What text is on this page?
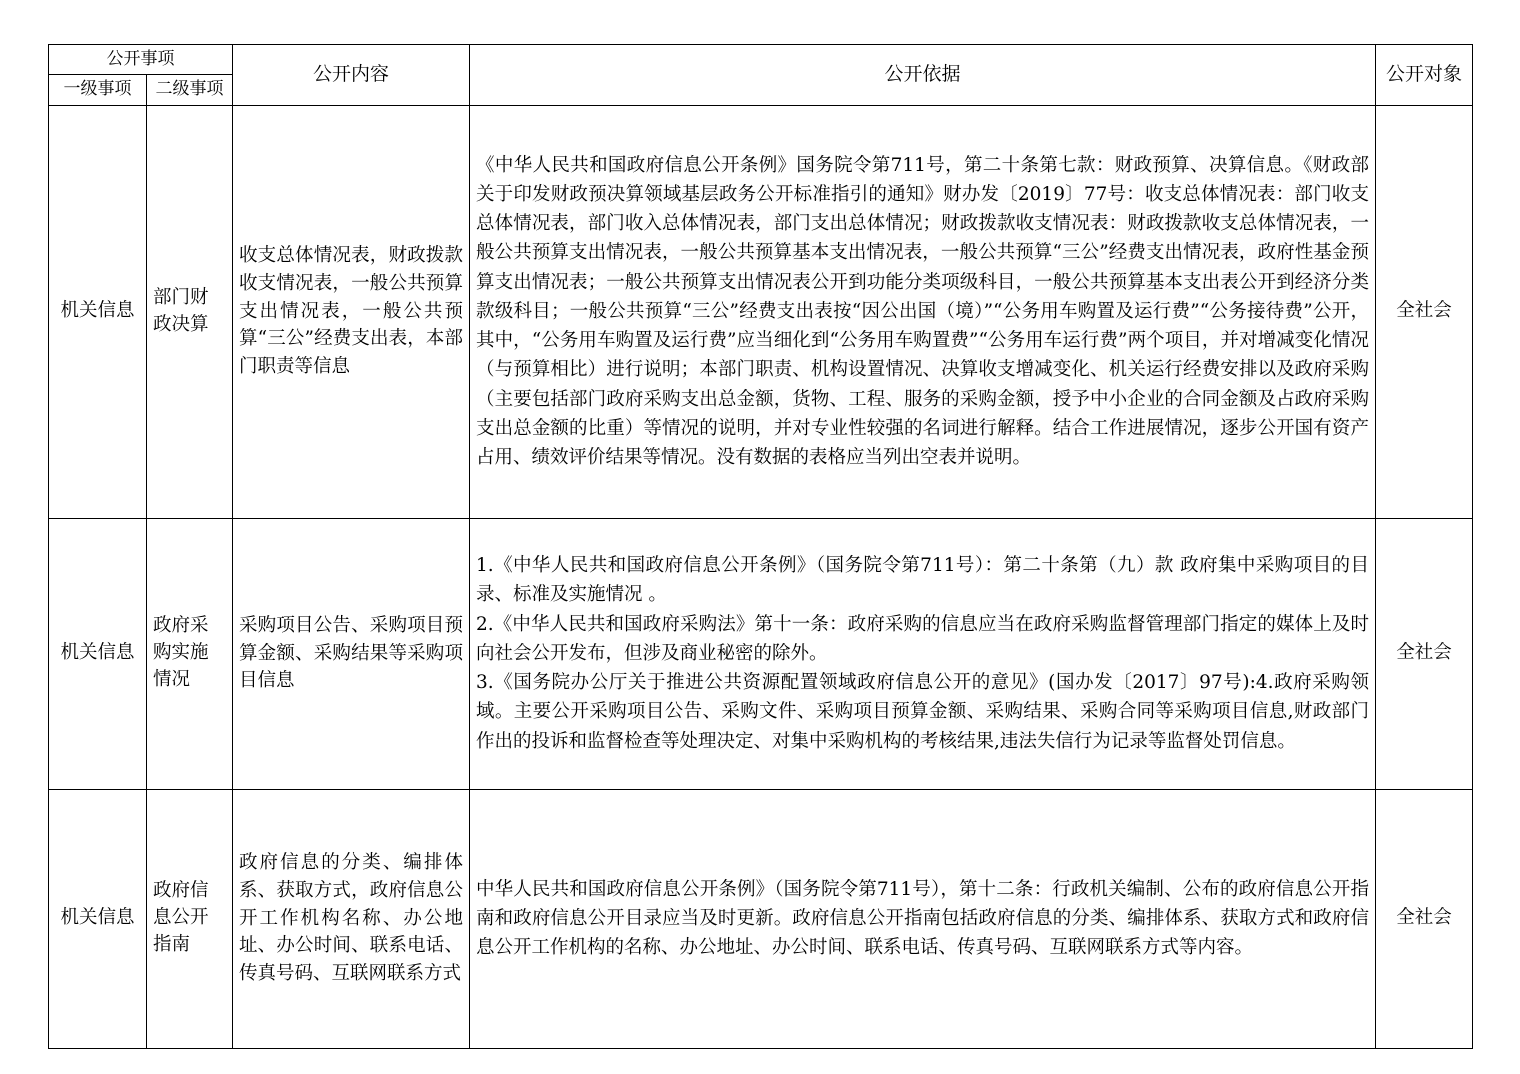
公开事项		公开内容	公开依据	公开对象
一级事项	二级事项			
机关信息	部门财政决算	收支总体情况表，财政拨款收支情况表，一般公共预算支出情况表，一般公共预算“三公”经费支出表，本部门职责等信息	《中华人民共和国政府信息公开条例》国务院令第711号，第二十条第七款：财政预算、决算信息。《财政部关于印发财政预决算领域基层政务公开标准指引的通知》财办发〔2019〕77号：收支总体情况表：部门收支总体情况表，部门收入总体情况表，部门支出总体情况；财政拨款收支情况表：财政拨款收支总体情况表，一般公共预算支出情况表，一般公共预算基本支出情况表，一般公共预算“三公”经费支出情况表，政府性基金预算支出情况表；一般公共预算支出情况表公开到功能分类项级科目，一般公共预算基本支出表公开到经济分类款级科目；一般公共预算“三公”经费支出表按“因公出国（境）”“公务用车购置及运行费”“公务接待费”公开，其中，“公务用车购置及运行费”应当细化到“公务用车购置费”“公务用车运行费”两个项目，并对增减变化情况（与预算相比）进行说明；本部门职责、机构设置情况、决算收支增减变化、机关运行经费安排以及政府采购（主要包括部门政府采购支出总金额，货物、工程、服务的采购金额，授予中小企业的合同金额及占政府采购支出总金额的比重）等情况的说明，并对专业性较强的名词进行解释。结合工作进展情况，逐步公开国有资产占用、绩效评价结果等情况。没有数据的表格应当列出空表并说明。	全社会
机关信息	政府采购实施情况	采购项目公告、采购项目预算金额、采购结果等采购项目信息	1.《中华人民共和国政府信息公开条例》（国务院令第711号）：第二十条第（九）款 政府集中采购项目的目录、标准及实施情况 。

2.《中华人民共和国政府采购法》第十一条：政府采购的信息应当在政府采购监督管理部门指定的媒体上及时向社会公开发布，但涉及商业秘密的除外。

3.《国务院办公厅关于推进公共资源配置领域政府信息公开的意见》(国办发〔2017〕97号):4.政府采购领域。主要公开采购项目公告、采购文件、采购项目预算金额、采购结果、采购合同等采购项目信息,财政部门作出的投诉和监督检查等处理决定、对集中采购机构的考核结果,违法失信行为记录等监督处罚信息。	全社会
机关信息	政府信息公开指南	政府信息的分类、编排体系、获取方式，政府信息公开工作机构名称、办公地址、办公时间、联系电话、传真号码、互联网联系方式	中华人民共和国政府信息公开条例》（国务院令第711号），第十二条：行政机关编制、公布的政府信息公开指南和政府信息公开目录应当及时更新。政府信息公开指南包括政府信息的分类、编排体系、获取方式和政府信息公开工作机构的名称、办公地址、办公时间、联系电话、传真号码、互联网联系方式等内容。	全社会
